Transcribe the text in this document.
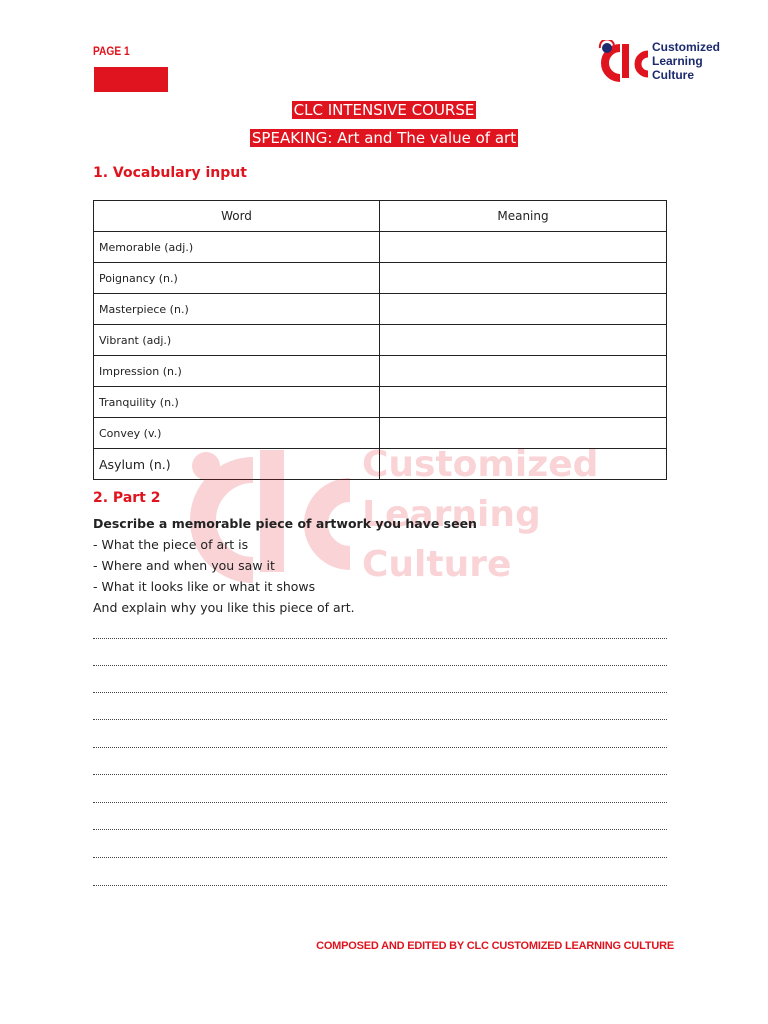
PAGE 1	Customized
Learning
Culture
CLC INTENSIVE COURSE
SPEAKING: Art and The value of art
1. Vocabulary input
Word	Meaning
Memorable (adj.)	
Poignancy (n.)	
Masterpiece (n.)	
Vibrant (adj.)	
Impression (n.)	
Tranquility (n.)	
Convey (v.)	
Asylum (n.)		Customized
Learning
Culture
2. Part 2
Describe a memorable piece of artwork you have seen
- What the piece of art is
- Where and when you saw it
- What it looks like or what it shows
And explain why you like this piece of art.
COMPOSED AND EDITED BY CLC CUSTOMIZED LEARNING CULTURE
